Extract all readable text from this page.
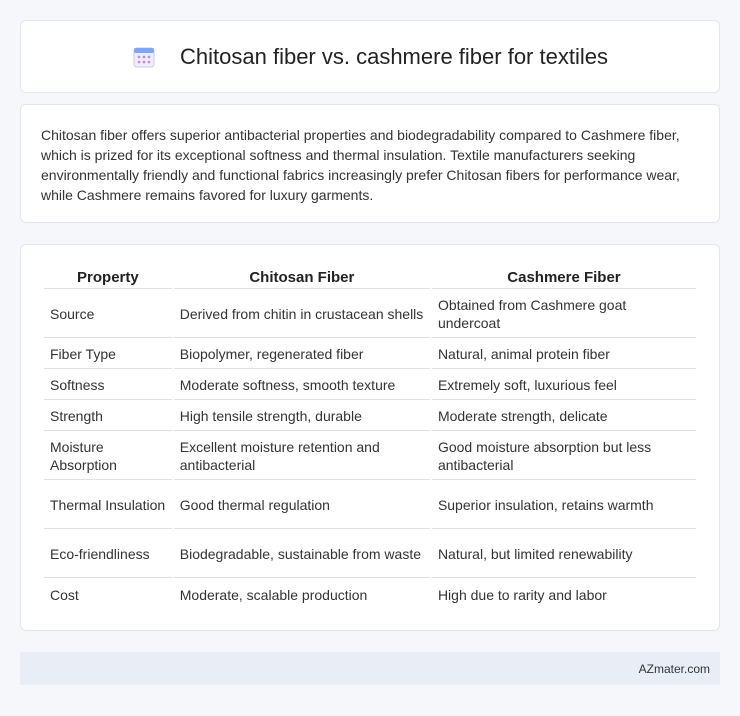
Chitosan fiber vs. cashmere fiber for textiles

Chitosan fiber offers superior antibacterial properties and biodegradability compared to Cashmere fiber, which is prized for its exceptional softness and thermal insulation. Textile manufacturers seeking environmentally friendly and functional fabrics increasingly prefer Chitosan fibers for performance wear, while Cashmere remains favored for luxury garments.

Property	Chitosan Fiber	Cashmere Fiber
Source	Derived from chitin in crustacean shells	Obtained from Cashmere goat undercoat
Fiber Type	Biopolymer, regenerated fiber	Natural, animal protein fiber
Softness	Moderate softness, smooth texture	Extremely soft, luxurious feel
Strength	High tensile strength, durable	Moderate strength, delicate
Moisture Absorption	Excellent moisture retention and antibacterial	Good moisture absorption but less antibacterial
Thermal Insulation	Good thermal regulation	Superior insulation, retains warmth
Eco-friendliness	Biodegradable, sustainable from waste	Natural, but limited renewability
Cost	Moderate, scalable production	High due to rarity and labor
AZmater.com
